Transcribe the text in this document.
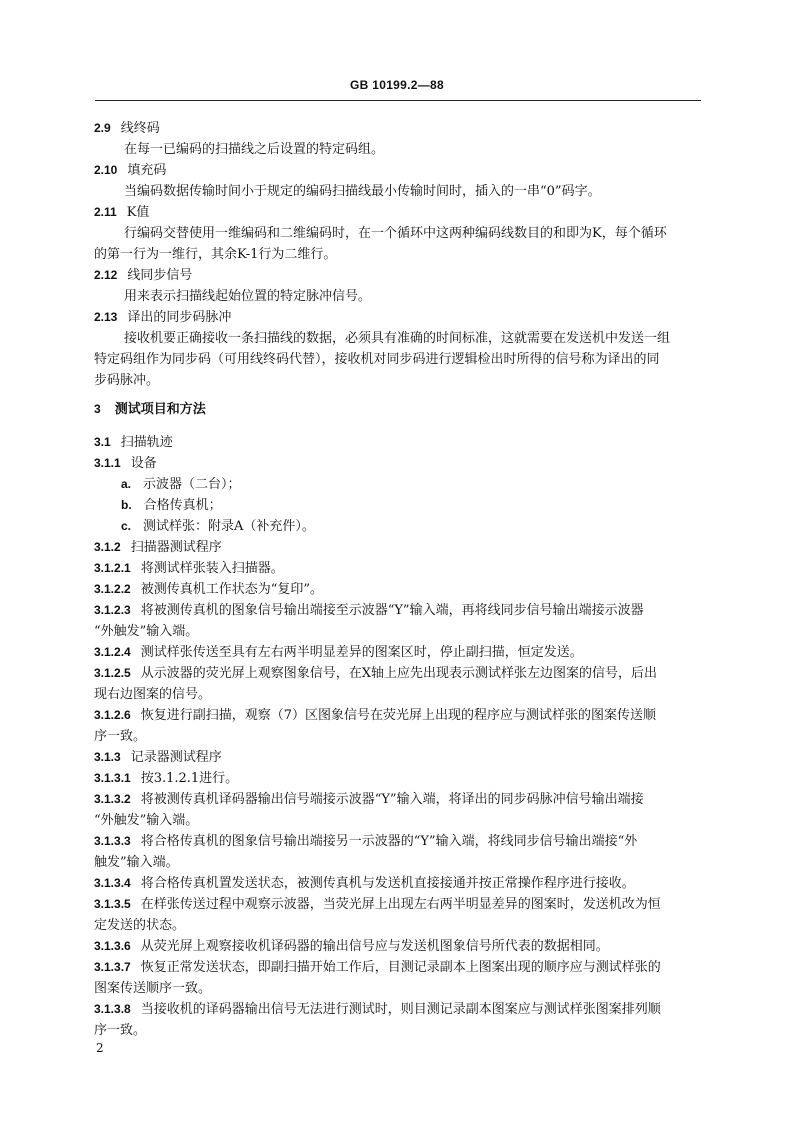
GB 10199.2—88
2.9 线终码
在每一已编码的扫描线之后设置的特定码组。
2.10 填充码
当编码数据传输时间小于规定的编码扫描线最小传输时间时，插入的一串“0”码字。
2.11 K值
行编码交替使用一维编码和二维编码时，在一个循环中这两种编码线数目的和即为K，每个循环
的第一行为一维行，其余K-1行为二维行。
2.12 线同步信号
用来表示扫描线起始位置的特定脉冲信号。
2.13 译出的同步码脉冲
接收机要正确接收一条扫描线的数据，必须具有准确的时间标准，这就需要在发送机中发送一组
特定码组作为同步码（可用线终码代替），接收机对同步码进行逻辑检出时所得的信号称为译出的同
步码脉冲。
3 测试项目和方法
3.1 扫描轨迹
3.1.1 设备
a. 示波器（二台）；
b. 合格传真机；
c. 测试样张：附录A（补充件）。
3.1.2 扫描器测试程序
3.1.2.1 将测试样张装入扫描器。
3.1.2.2 被测传真机工作状态为“复印”。
3.1.2.3 将被测传真机的图象信号输出端接至示波器“Y”输入端，再将线同步信号输出端接示波器
“外触发”输入端。
3.1.2.4 测试样张传送至具有左右两半明显差异的图案区时，停止副扫描，恒定发送。
3.1.2.5 从示波器的荧光屏上观察图象信号，在X轴上应先出现表示测试样张左边图案的信号，后出
现右边图案的信号。
3.1.2.6 恢复进行副扫描，观察（7）区图象信号在荧光屏上出现的程序应与测试样张的图案传送顺
序一致。
3.1.3 记录器测试程序
3.1.3.1 按3.1.2.1进行。
3.1.3.2 将被测传真机译码器输出信号端接示波器“Y”输入端，将译出的同步码脉冲信号输出端接
“外触发”输入端。
3.1.3.3 将合格传真机的图象信号输出端接另一示波器的“Y”输入端，将线同步信号输出端接“外
触发”输入端。
3.1.3.4 将合格传真机置发送状态，被测传真机与发送机直接接通并按正常操作程序进行接收。
3.1.3.5 在样张传送过程中观察示波器，当荧光屏上出现左右两半明显差异的图案时，发送机改为恒
定发送的状态。
3.1.3.6 从荧光屏上观察接收机译码器的输出信号应与发送机图象信号所代表的数据相同。
3.1.3.7 恢复正常发送状态，即副扫描开始工作后，目测记录副本上图案出现的顺序应与测试样张的
图案传送顺序一致。
3.1.3.8 当接收机的译码器输出信号无法进行测试时，则目测记录副本图案应与测试样张图案排列顺
序一致。
2
